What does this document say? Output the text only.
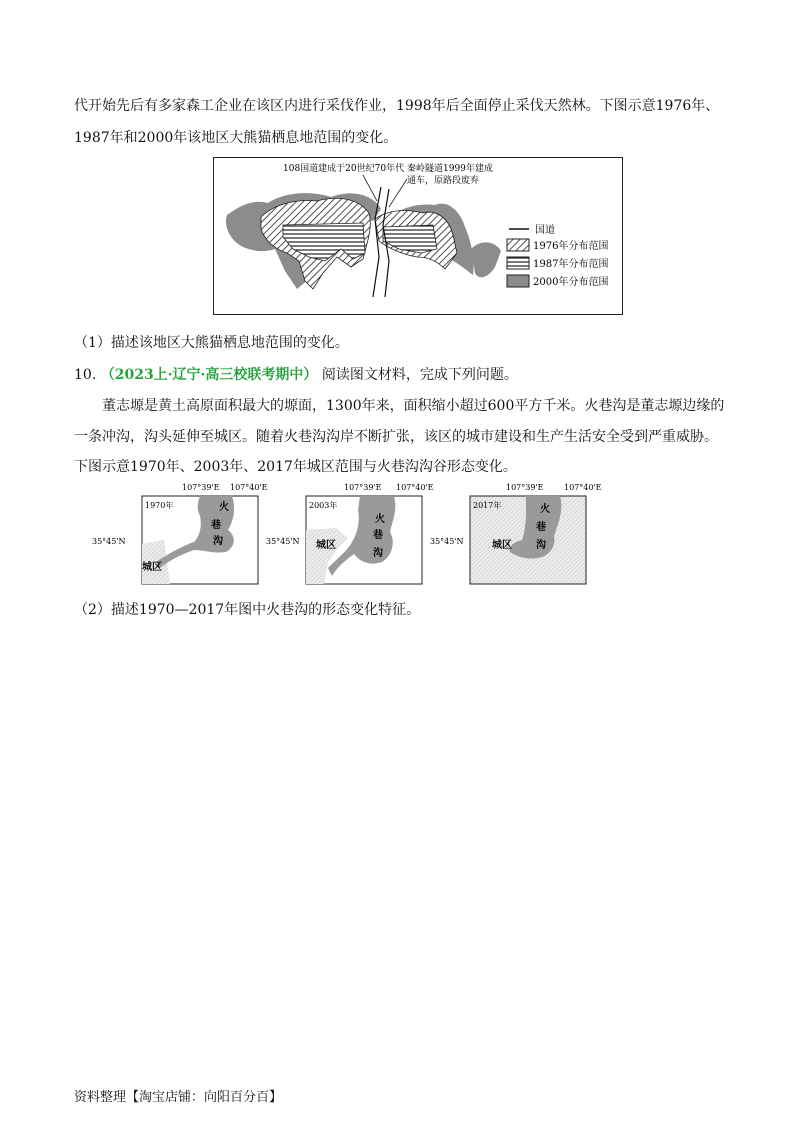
代开始先后有多家森工企业在该区内进行采伐作业，1998年后全面停止采伐天然林。下图示意1976年、
1987年和2000年该地区大熊猫栖息地范围的变化。
108国道建成于20世纪70年代 秦岭隧道1999年建成
通车，原路段废弃
国道
1976年分布范围
1987年分布范围
2000年分布范围
（1）描述该地区大熊猫栖息地范围的变化。
10. （2023上·辽宁·高三校联考期中） 阅读图文材料，完成下列问题。
董志塬是黄土高原面积最大的塬面，1300年来，面积缩小超过600平方千米。火巷沟是董志塬边缘的
一条冲沟，沟头延伸至城区。随着火巷沟沟岸不断扩张，该区的城市建设和生产生活安全受到严重威胁。
下图示意1970年、2003年、2017年城区范围与火巷沟沟谷形态变化。
1970年	火
巷
沟
城区
107°39'E 107°40'E
35°45'N
2003年
火
巷
沟
城区
107°39'E 107°40'E
35°45'N
2017年	火
巷
沟
城区
107°39'E	107°40'E
35°45'N
（2）描述1970—2017年图中火巷沟的形态变化特征。
资料整理【淘宝店铺：向阳百分百】
